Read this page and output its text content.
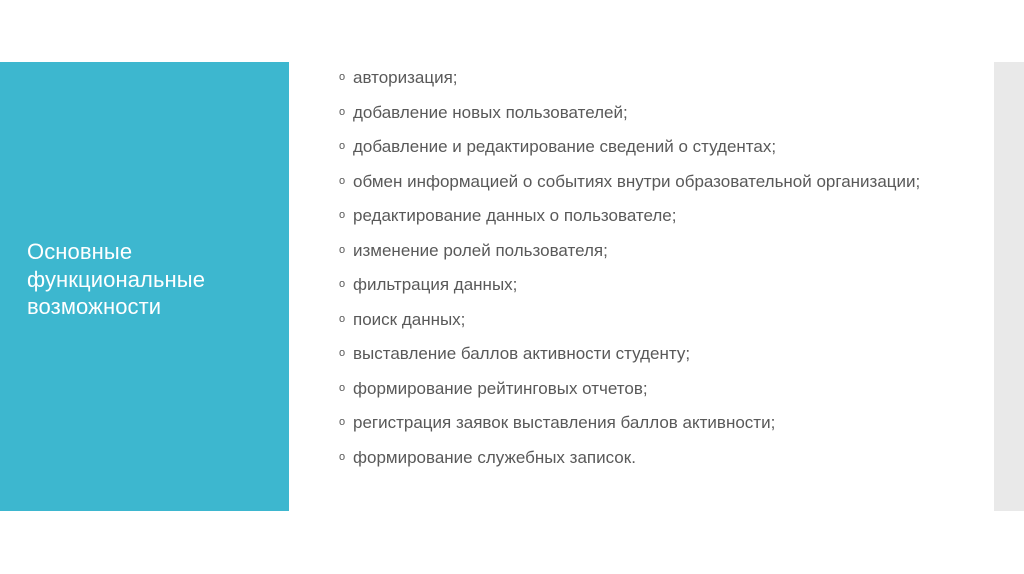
Основные функциональные возможности
o авторизация;
o добавление новых пользователей;
o добавление и редактирование сведений о студентах;
o обмен информацией о событиях внутри образовательной организации;
o редактирование данных о пользователе;
o изменение ролей пользователя;
o фильтрация данных;
o поиск данных;
o выставление баллов активности студенту;
o формирование рейтинговых отчетов;
o регистрация заявок выставления баллов активности;
o формирование служебных записок.
